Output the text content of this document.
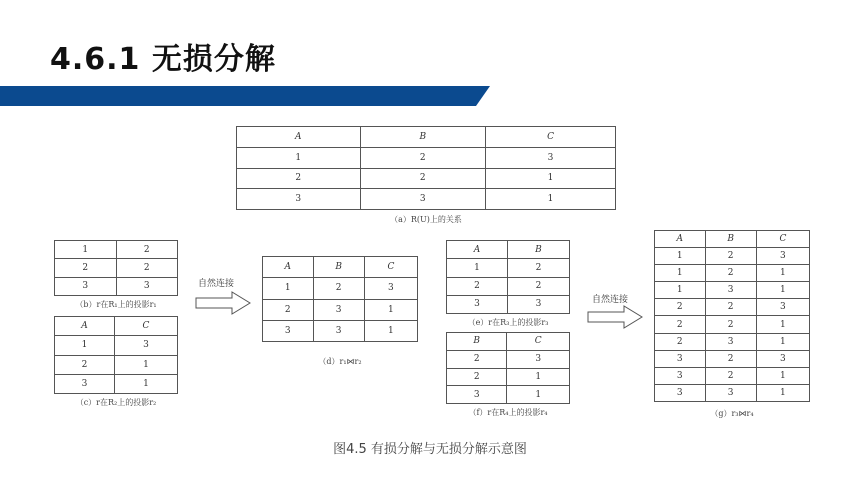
4.6.1 无损分解
A	B	C
1	2	3
2	2	1
3	3	1
（a）R(U)上的关系
1	2
2	2
3	3
（b）r在R₁上的投影r₁
A	C
1	3
2	1
3	1
（c）r在R₂上的投影r₂
自然连接
A	B	C
1	2	3
2	3	1
3	3	1
（d）r₁⋈r₂
A	B
1	2
2	2
3	3
（e）r在R₃上的投影r₃
B	C
2	3
2	1
3	1
（f）r在R₄上的投影r₄
自然连接
A	B	C
1	2	3
1	2	1
1	3	1
2	2	3
2	2	1
2	3	1
3	2	3
3	2	1
3	3	1
（g）r₃⋈r₄
图4.5 有损分解与无损分解示意图
